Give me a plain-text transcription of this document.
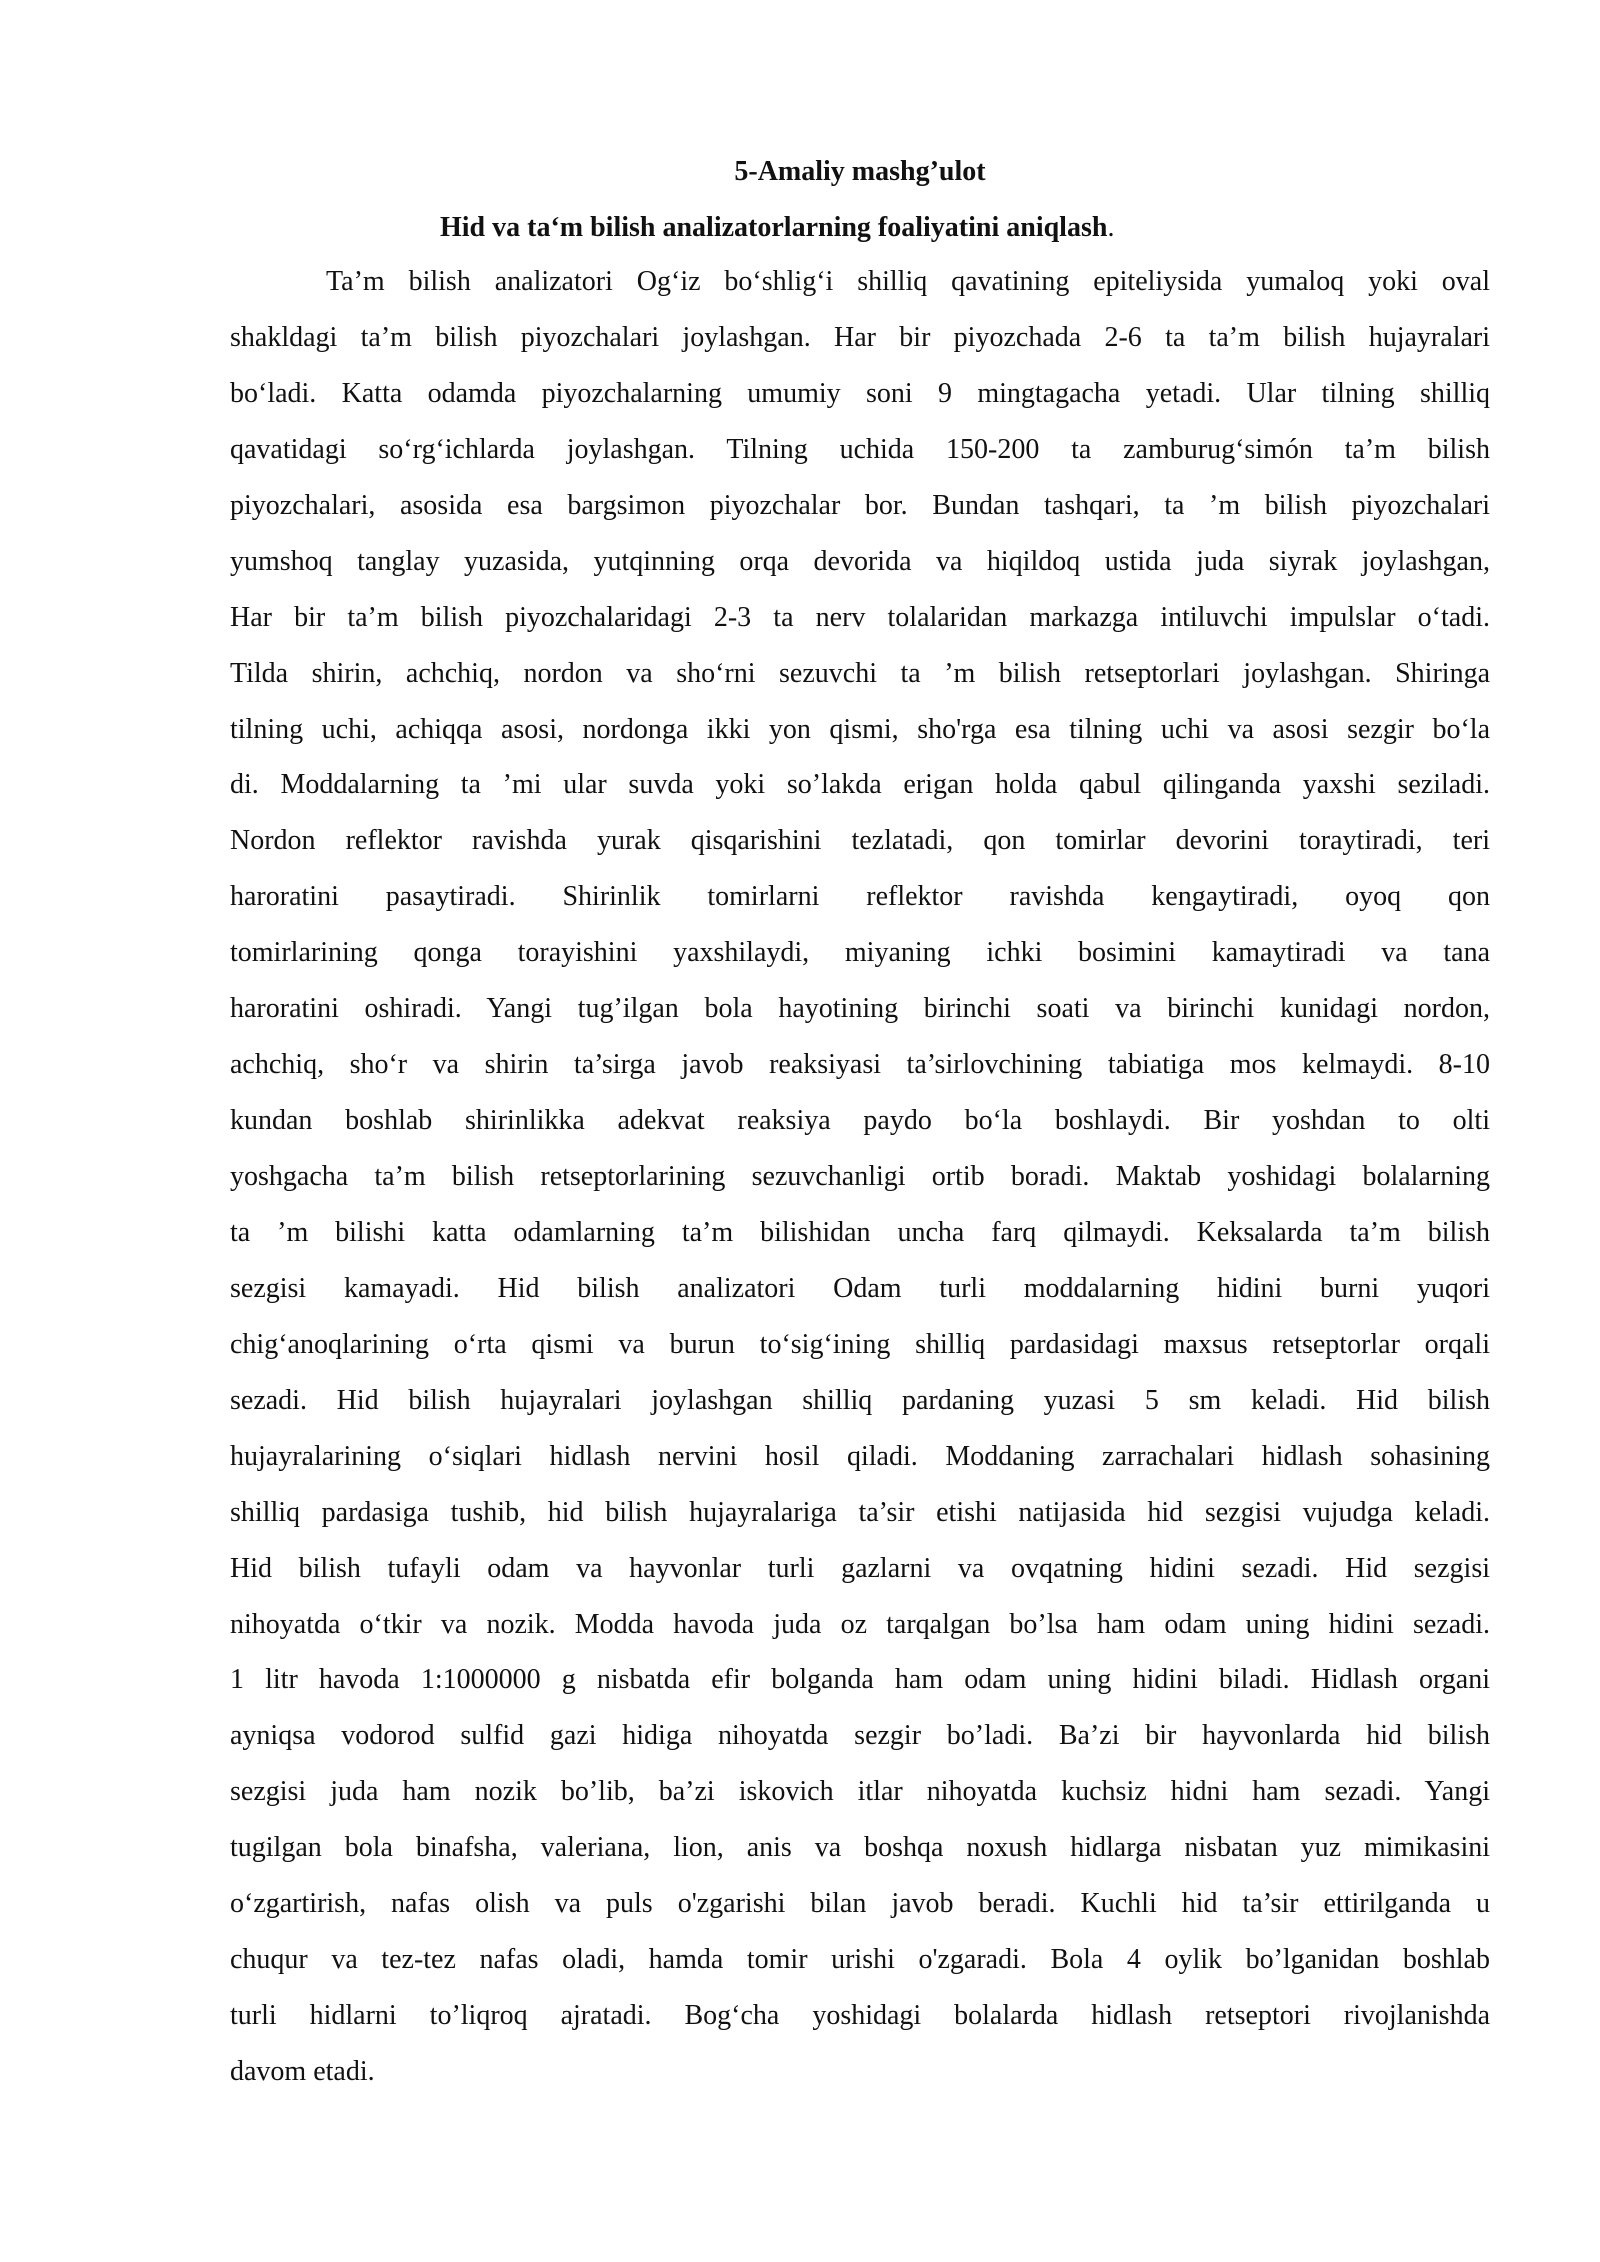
5-Amaliy mashg’ulot

Hid va ta‘m bilish analizatorlarning foaliyatini aniqlash.

Ta’m bilish analizatori Og‘iz bo‘shlig‘i shilliq qavatining epiteliysida yumaloq yoki oval
shakldagi ta’m bilish piyozchalari joylashgan. Har bir piyozchada 2-6 ta ta’m bilish hujayralari
bo‘ladi. Katta odamda piyozchalarning umumiy soni 9 mingtagacha yetadi. Ular tilning shilliq
qavatidagi so‘rg‘ichlarda joylashgan. Tilning uchida 150-200 ta zamburug‘simón ta’m bilish
piyozchalari, asosida esa bargsimon piyozchalar bor. Bundan tashqari, ta ’m bilish piyozchalari
yumshoq tanglay yuzasida, yutqinning orqa devorida va hiqildoq ustida juda siyrak joylashgan,
Har bir ta’m bilish piyozchalaridagi 2-3 ta nerv tolalaridan markazga intiluvchi impulslar o‘tadi.
Tilda shirin, achchiq, nordon va sho‘rni sezuvchi ta ’m bilish retseptorlari joylashgan. Shiringa
tilning uchi, achiqqa asosi, nordonga ikki yon qismi, sho'rga esa tilning uchi va asosi sezgir bo‘la
di. Moddalarning ta ’mi ular suvda yoki so’lakda erigan holda qabul qilinganda yaxshi seziladi.
Nordon reflektor ravishda yurak qisqarishini tezlatadi, qon tomirlar devorini toraytiradi, teri
haroratini pasaytiradi. Shirinlik tomirlarni reflektor ravishda kengaytiradi, oyoq qon
tomirlarining qonga torayishini yaxshilaydi, miyaning ichki bosimini kamaytiradi va tana
haroratini oshiradi. Yangi tug’ilgan bola hayotining birinchi soati va birinchi kunidagi nordon,
achchiq, sho‘r va shirin ta’sirga javob reaksiyasi ta’sirlovchining tabiatiga mos kelmaydi. 8-10
kundan boshlab shirinlikka adekvat reaksiya paydo bo‘la boshlaydi. Bir yoshdan to olti
yoshgacha ta’m bilish retseptorlarining sezuvchanligi ortib boradi. Maktab yoshidagi bolalarning
ta ’m bilishi katta odamlarning ta’m bilishidan uncha farq qilmaydi. Keksalarda ta’m bilish
sezgisi kamayadi. Hid bilish analizatori Odam turli moddalarning hidini burni yuqori
chig‘anoqlarining o‘rta qismi va burun to‘sig‘ining shilliq pardasidagi maxsus retseptorlar orqali
sezadi. Hid bilish hujayralari joylashgan shilliq pardaning yuzasi 5 sm keladi. Hid bilish
hujayralarining o‘siqlari hidlash nervini hosil qiladi. Moddaning zarrachalari hidlash sohasining
shilliq pardasiga tushib, hid bilish hujayralariga ta’sir etishi natijasida hid sezgisi vujudga keladi.
Hid bilish tufayli odam va hayvonlar turli gazlarni va ovqatning hidini sezadi. Hid sezgisi
nihoyatda o‘tkir va nozik. Modda havoda juda oz tarqalgan bo’lsa ham odam uning hidini sezadi.
1 litr havoda 1:1000000 g nisbatda efir bolganda ham odam uning hidini biladi. Hidlash organi
ayniqsa vodorod sulfid gazi hidiga nihoyatda sezgir bo’ladi. Ba’zi bir hayvonlarda hid bilish
sezgisi juda ham nozik bo’lib, ba’zi iskovich itlar nihoyatda kuchsiz hidni ham sezadi. Yangi
tugilgan bola binafsha, valeriana, lion, anis va boshqa noxush hidlarga nisbatan yuz mimikasini
o‘zgartirish, nafas olish va puls o'zgarishi bilan javob beradi. Kuchli hid ta’sir ettirilganda u
chuqur va tez-tez nafas oladi, hamda tomir urishi o'zgaradi. Bola 4 oylik bo’lganidan boshlab
turli hidlarni to’liqroq ajratadi. Bog‘cha yoshidagi bolalarda hidlash retseptori rivojlanishda
davom etadi.
